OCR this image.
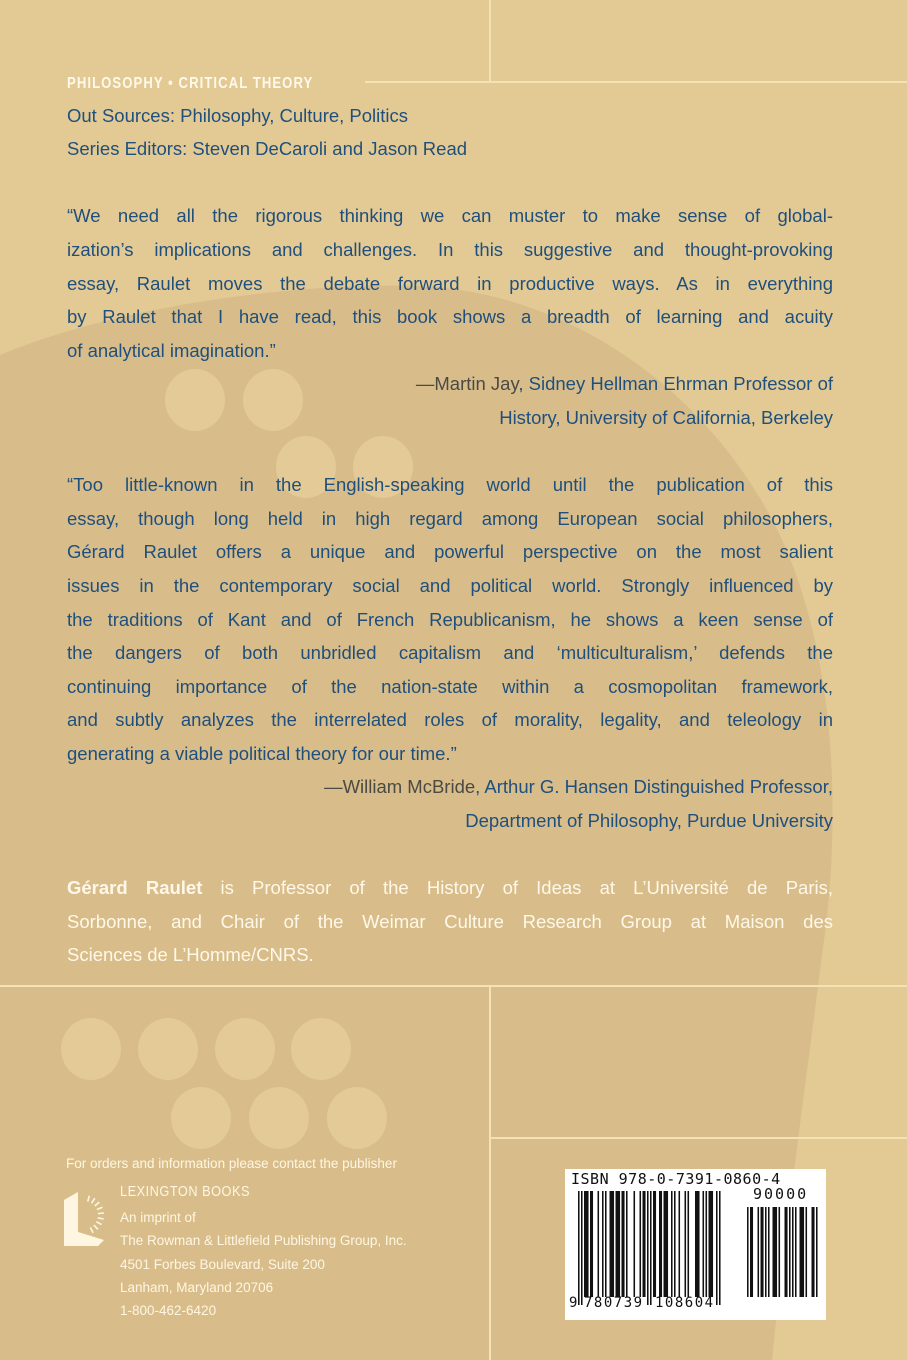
PHILOSOPHY • CRITICAL THEORY
Out Sources: Philosophy, Culture, Politics
Series Editors: Steven DeCaroli and Jason Read
“We need all the rigorous thinking we can muster to make sense of global-
ization’s implications and challenges. In this suggestive and thought-provoking
essay, Raulet moves the debate forward in productive ways. As in everything
by Raulet that I have read, this book shows a breadth of learning and acuity
of analytical imagination.”
—Martin Jay, Sidney Hellman Ehrman Professor of
History, University of California, Berkeley
“Too little-known in the English-speaking world until the publication of this
essay, though long held in high regard among European social philosophers,
Gérard Raulet offers a unique and powerful perspective on the most salient
issues in the contemporary social and political world. Strongly influenced by
the traditions of Kant and of French Republicanism, he shows a keen sense of
the dangers of both unbridled capitalism and ‘multiculturalism,’ defends the
continuing importance of the nation-state within a cosmopolitan framework,
and subtly analyzes the interrelated roles of morality, legality, and teleology in
generating a viable political theory for our time.”
—William McBride, Arthur G. Hansen Distinguished Professor,
Department of Philosophy, Purdue University
Gérard Raulet is Professor of the History of Ideas at L’Université de Paris,
Sorbonne, and Chair of the Weimar Culture Research Group at Maison des
Sciences de L’Homme/CNRS.
For orders and information please contact the publisher
LEXINGTON BOOKS
An imprint of
The Rowman & Littlefield Publishing Group, Inc.
4501 Forbes Boulevard, Suite 200
Lanham, Maryland 20706
1-800-462-6420
ISBN 978-0-7391-0860-4
90000
9 780739 108604
